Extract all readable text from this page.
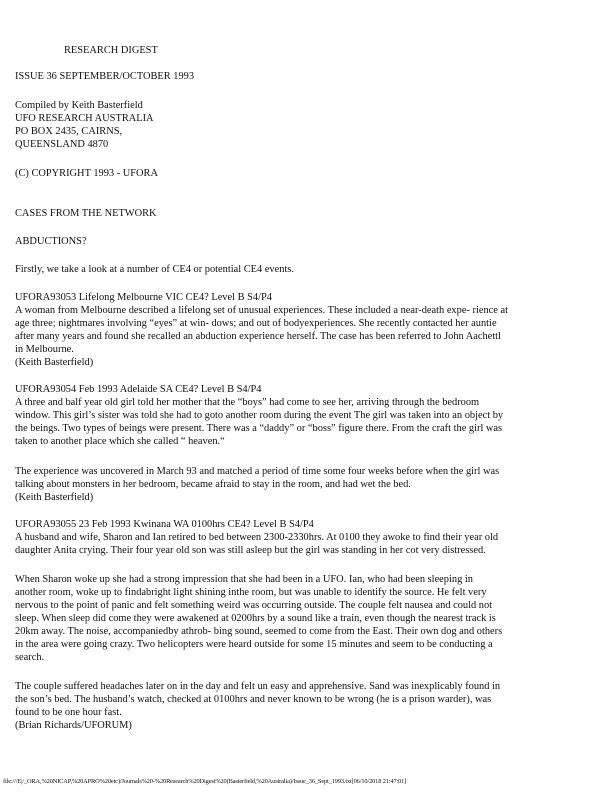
RESEARCH DIGEST
ISSUE 36 SEPTEMBER/OCTOBER 1993
Compiled by Keith Basterfield
UFO RESEARCH AUSTRALIA
PO BOX 2435, CAIRNS,
QUEENSLAND 4870
(C) COPYRIGHT 1993 - UFORA
CASES FROM THE NETWORK
ABDUCTIONS?
Firstly, we take a look at a number of CE4 or potential CE4 events.
UFORA93053 Lifelong Melbourne VIC CE4? Level B S4/P4
A woman from Melbourne described a lifelong set of unusual experiences. These included a near-death expe- rience at
age three; nightmares involving “eyes” at win- dows; and out of bodyexperiences. She recently contacted her auntie
after many years and found she recalled an abduction experience herself. The case has been referred to John Aachettl
in Melbourne.
(Keith Basterfield)
UFORA93054 Feb 1993 Adelaide SA CE4? Level B S4/P4
A three and balf year old girl told her mother that the “boys” had come to see her, arriving through the bedroom
window. This girl’s sister was told she had to goto another room during the event The girl was taken into an object by
the beings. Two types of beings were present. There was a “daddy” or “boss” figure there. From the craft the girl was
taken to another place which she called “ heaven.“
The experience was uncovered in March 93 and matched a period of time some four weeks before when the girl was
talking about monsters in her bedroom, became afraid to stay in the room, and had wet the bed.
(Keith Basterfield)
UFORA93055 23 Feb 1993 Kwinana WA 0100hrs CE4? Level B S4/P4
A husband and wife, Sharon and Ian retired to bed between 2300-2330hrs. At 0100 they awoke to find their year old
daughter Anita crying. Their four year old son was still asleep but the girl was standing in her cot very distressed.
When Sharon woke up she had a strong impression that she had been in a UFO. Ian, who had been sleeping in
another room, woke up to findabright light shining inthe room, but was unable to identify the source. He felt very
nervous to the point of panic and felt something weird was occurring outside. The couple felt nausea and could not
sleep. When sleep did come they were awakened at 0200hrs by a sound like a train, even though the nearest track is
20km away. The noise, accompaniedby athrob- bing sound, seemed to come from the East. Their own dog and others
in the area were going crazy. Two helicopters were heard outside for some 15 minutes and seem to be conducting a
search.
The couple suffered headaches later on in the day and felt un easy and apprehensive. Sand was inexplicably found in
the son’s bed. The husband’s watch, checked at 0100hrs and never known to be wrong (he is a prison warder), was
found to be one hour fast.
(Brian Richards/UFORUM)
file:///E|/_ORA,%20NICAP,%20APRO%20etc)/Journals%20-%20Research%20Digest%20(Basterfield,%20Australia)/Issue_36_Sept_1993.txt[06/10/2018 21:47:01]
